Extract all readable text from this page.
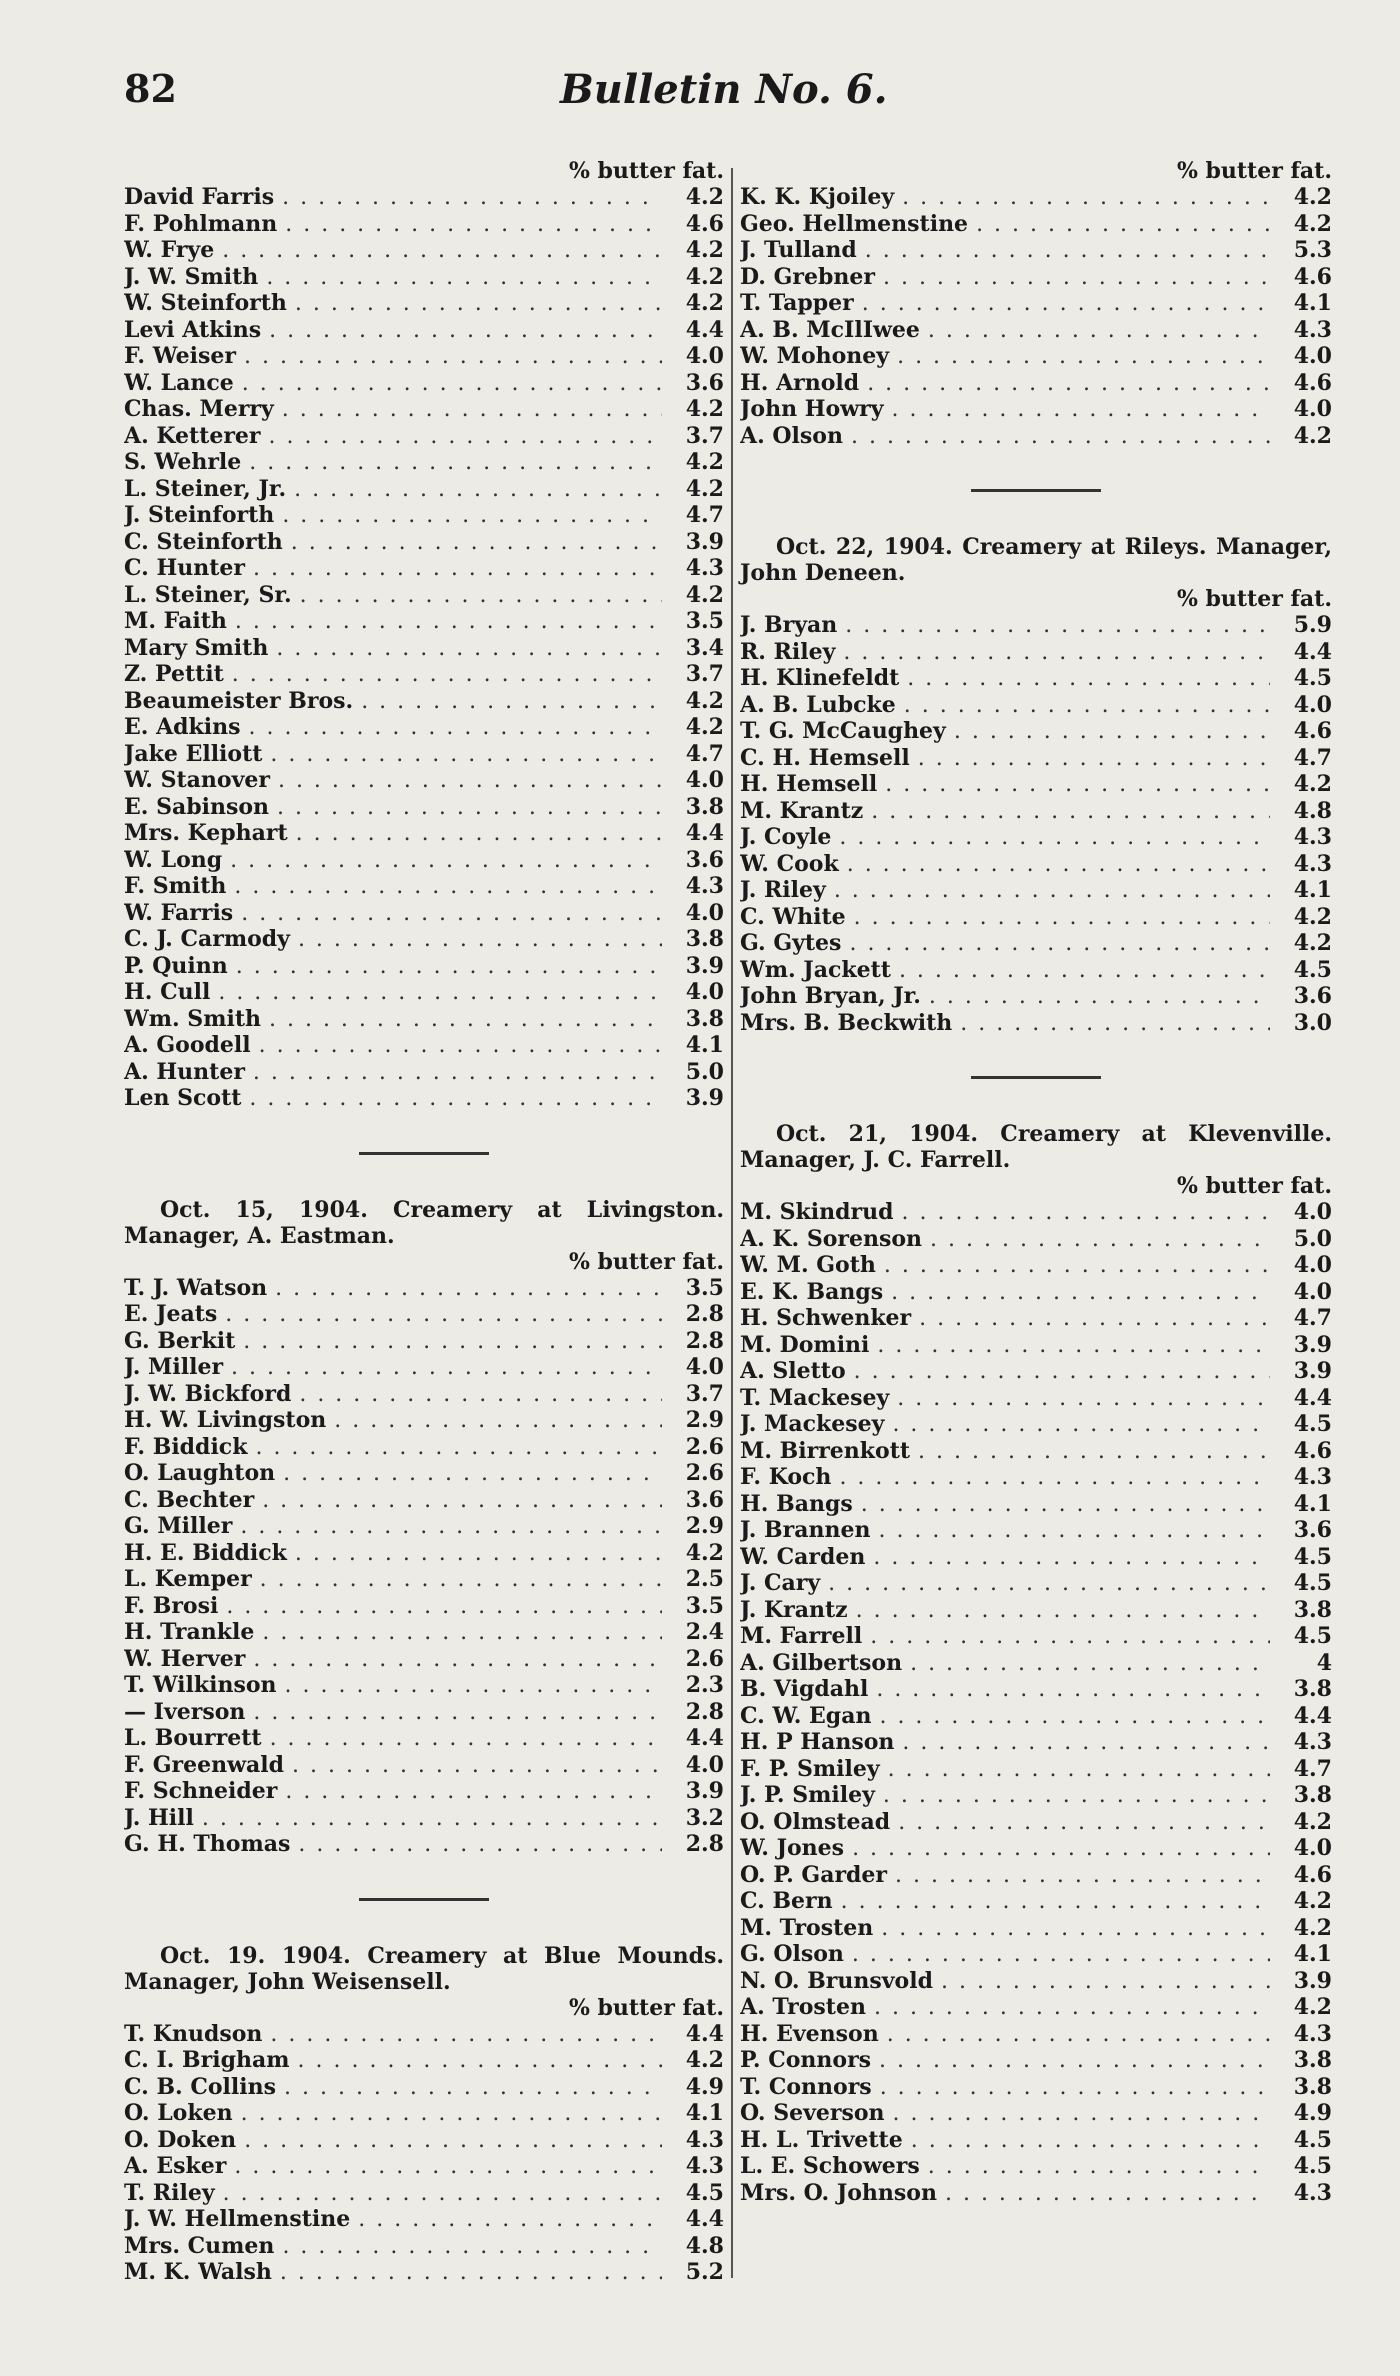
82	Bulletin No. 6.
% butter fat.
David Farris . . .	4.2
F. Pohlmann . . .	4.6
W. Frye . . .	4.2
J. W. Smith . . .	4.2
W. Steinforth . . .	4.2
Levi Atkins . . .	4.4
F. Weiser . . .	4.0
W. Lance . . .	3.6
Chas. Merry . . .	4.2
A. Ketterer . . .	3.7
S. Wehrle . . .	4.2
L. Steiner, Jr. . . .	4.2
J. Steinforth . . .	4.7
C. Steinforth . . .	3.9
C. Hunter . . .	4.3
L. Steiner, Sr. . . .	4.2
M. Faith . . .	3.5
Mary Smith . . .	3.4
Z. Pettit . . .	3.7
Beaumeister Bros. . . .	4.2
E. Adkins . . .	4.2
Jake Elliott . . .	4.7
W. Stanover . . .	4.0
E. Sabinson . . .	3.8
Mrs. Kephart . . .	4.4
W. Long . . .	3.6
F. Smith . . .	4.3
W. Farris . . .	4.0
C. J. Carmody . . .	3.8
P. Quinn . . .	3.9
H. Cull . . .	4.0
Wm. Smith . . .	3.8
A. Goodell . . .	4.1
A. Hunter . . .	5.0
Len Scott . . .	3.9
Oct. 15, 1904. Creamery at Livingston. Manager, A. Eastman.
% butter fat.
T. J. Watson . . .	3.5
E. Jeats . . .	2.8
G. Berkit . . .	2.8
J. Miller . . .	4.0
J. W. Bickford . . .	3.7
H. W. Livingston . . .	2.9
F. Biddick . . .	2.6
O. Laughton . . .	2.6
C. Bechter . . .	3.6
G. Miller . . .	2.9
H. E. Biddick . . .	4.2
L. Kemper . . .	2.5
F. Brosi . . .	3.5
H. Trankle . . .	2.4
W. Herver . . .	2.6
T. Wilkinson . . .	2.3
— Iverson . . .	2.8
L. Bourrett . . .	4.4
F. Greenwald . . .	4.0
F. Schneider . . .	3.9
J. Hill . . .	3.2
G. H. Thomas . . .	2.8
Oct. 19. 1904. Creamery at Blue Mounds. Manager, John Weisensell.
% butter fat.
T. Knudson . . .	4.4
C. I. Brigham . . .	4.2
C. B. Collins . . .	4.9
O. Loken . . .	4.1
O. Doken . . .	4.3
A. Esker . . .	4.3
T. Riley . . .	4.5
J. W. Hellmenstine . . .	4.4
Mrs. Cumen . . .	4.8
M. K. Walsh . . .	5.2
% butter fat.
K. K. Kjoiley . . .	4.2
Geo. Hellmenstine . . .	4.2
J. Tulland . . .	5.3
D. Grebner . . .	4.6
T. Tapper . . .	4.1
A. B. McIlIwee . . .	4.3
W. Mohoney . . .	4.0
H. Arnold . . .	4.6
John Howry . . .	4.0
A. Olson . . .	4.2
Oct. 22, 1904. Creamery at Rileys. Manager, John Deneen.
% butter fat.
J. Bryan . . .	5.9
R. Riley . . .	4.4
H. Klinefeldt . . .	4.5
A. B. Lubcke . . .	4.0
T. G. McCaughey . . .	4.6
C. H. Hemsell . . .	4.7
H. Hemsell . . .	4.2
M. Krantz . . .	4.8
J. Coyle . . .	4.3
W. Cook . . .	4.3
J. Riley . . .	4.1
C. White . . .	4.2
G. Gytes . . .	4.2
Wm. Jackett . . .	4.5
John Bryan, Jr. . . .	3.6
Mrs. B. Beckwith . . .	3.0
Oct. 21, 1904. Creamery at Klevenville. Manager, J. C. Farrell.
% butter fat.
M. Skindrud . . .	4.0
A. K. Sorenson . . .	5.0
W. M. Goth . . .	4.0
E. K. Bangs . . .	4.0
H. Schwenker . . .	4.7
M. Domini . . .	3.9
A. Sletto . . .	3.9
T. Mackesey . . .	4.4
J. Mackesey . . .	4.5
M. Birrenkott . . .	4.6
F. Koch . . .	4.3
H. Bangs . . .	4.1
J. Brannen . . .	3.6
W. Carden . . .	4.5
J. Cary . . .	4.5
J. Krantz . . .	3.8
M. Farrell . . .	4.5
A. Gilbertson . . .	4
B. Vigdahl . . .	3.8
C. W. Egan . . .	4.4
H. P Hanson . . .	4.3
F. P. Smiley . . .	4.7
J. P. Smiley . . .	3.8
O. Olmstead . . .	4.2
W. Jones . . .	4.0
O. P. Garder . . .	4.6
C. Bern . . .	4.2
M. Trosten . . .	4.2
G. Olson . . .	4.1
N. O. Brunsvold . . .	3.9
A. Trosten . . .	4.2
H. Evenson . . .	4.3
P. Connors . . .	3.8
T. Connors . . .	3.8
O. Severson . . .	4.9
H. L. Trivette . . .	4.5
L. E. Schowers . . .	4.5
Mrs. O. Johnson . . .	4.3
